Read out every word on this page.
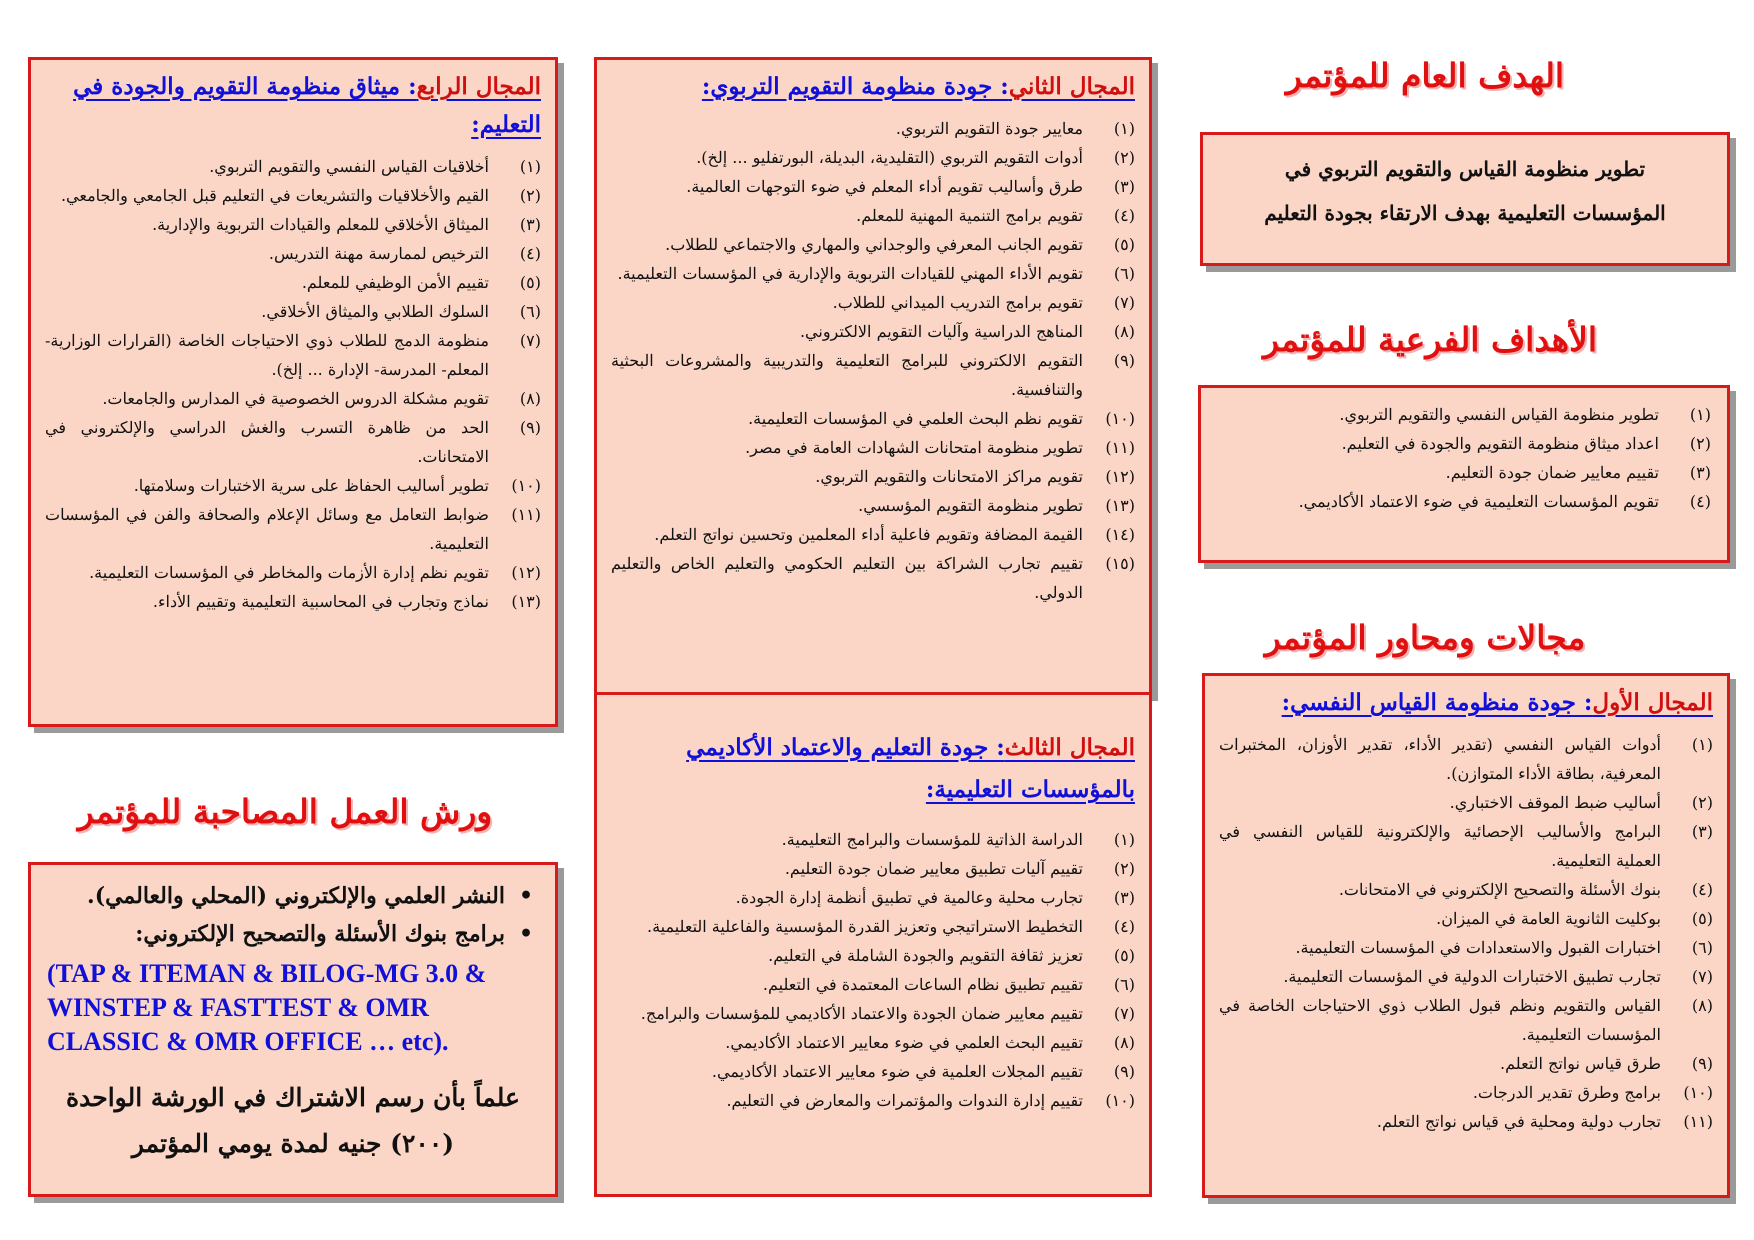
الهدف العام للمؤتمر
تطوير منظومة القياس والتقويم التربوي في
المؤسسات التعليمية بهدف الارتقاء بجودة التعليم
الأهداف الفرعية للمؤتمر
(١)
تطوير منظومة القياس النفسي والتقويم التربوي.
(٢)
اعداد ميثاق منظومة التقويم والجودة في التعليم.
(٣)
تقييم معايير ضمان جودة التعليم.
(٤)
تقويم المؤسسات التعليمية في ضوء الاعتماد الأكاديمي.
مجالات ومحاور المؤتمر
المجال الأول: جودة منظومة القياس النفسي:
(١)
أدوات القياس النفسي (تقدير الأداء، تقدير الأوزان، المختبرات المعرفية، بطاقة الأداء المتوازن).
(٢)
أساليب ضبط الموقف الاختباري.
(٣)
البرامج والأساليب الإحصائية والإلكترونية للقياس النفسي في العملية التعليمية.
(٤)
بنوك الأسئلة والتصحيح الإلكتروني في الامتحانات.
(٥)
بوكليت الثانوية العامة في الميزان.
(٦)
اختبارات القبول والاستعدادات في المؤسسات التعليمية.
(٧)
تجارب تطبيق الاختبارات الدولية في المؤسسات التعليمية.
(٨)
القياس والتقويم ونظم قبول الطلاب ذوي الاحتياجات الخاصة في المؤسسات التعليمية.
(٩)
طرق قياس نواتج التعلم.
(١٠)
برامج وطرق تقدير الدرجات.
(١١)
تجارب دولية ومحلية في قياس نواتج التعلم.
المجال الثاني: جودة منظومة التقويم التربوي:
(١)
معايير جودة التقويم التربوي.
(٢)
أدوات التقويم التربوي (التقليدية، البديلة، البورتفليو ... إلخ).
(٣)
طرق وأساليب تقويم أداء المعلم في ضوء التوجهات العالمية.
(٤)
تقويم برامج التنمية المهنية للمعلم.
(٥)
تقويم الجانب المعرفي والوجداني والمهاري والاجتماعي للطلاب.
(٦)
تقويم الأداء المهني للقيادات التربوية والإدارية في المؤسسات التعليمية.
(٧)
تقويم برامج التدريب الميداني للطلاب.
(٨)
المناهج الدراسية وآليات التقويم الالكتروني.
(٩)
التقويم الالكتروني للبرامج التعليمية والتدريبية والمشروعات البحثية والتنافسية.
(١٠)
تقويم نظم البحث العلمي في المؤسسات التعليمية.
(١١)
تطوير منظومة امتحانات الشهادات العامة في مصر.
(١٢)
تقويم مراكز الامتحانات والتقويم التربوي.
(١٣)
تطوير منظومة التقويم المؤسسي.
(١٤)
القيمة المضافة وتقويم فاعلية أداء المعلمين وتحسين نواتج التعلم.
(١٥)
تقييم تجارب الشراكة بين التعليم الحكومي والتعليم الخاص والتعليم الدولي.
المجال الثالث: جودة التعليم والاعتماد الأكاديمي بالمؤسسات التعليمية:
(١)
الدراسة الذاتية للمؤسسات والبرامج التعليمية.
(٢)
تقييم آليات تطبيق معايير ضمان جودة التعليم.
(٣)
تجارب محلية وعالمية في تطبيق أنظمة إدارة الجودة.
(٤)
التخطيط الاستراتيجي وتعزيز القدرة المؤسسية والفاعلية التعليمية.
(٥)
تعزيز ثقافة التقويم والجودة الشاملة في التعليم.
(٦)
تقييم تطبيق نظام الساعات المعتمدة في التعليم.
(٧)
تقييم معايير ضمان الجودة والاعتماد الأكاديمي للمؤسسات والبرامج.
(٨)
تقييم البحث العلمي في ضوء معايير الاعتماد الأكاديمي.
(٩)
تقييم المجلات العلمية في ضوء معايير الاعتماد الأكاديمي.
(١٠)
تقييم إدارة الندوات والمؤتمرات والمعارض في التعليم.
المجال الرابع: ميثاق منظومة التقويم والجودة في التعليم:
(١)
أخلاقيات القياس النفسي والتقويم التربوي.
(٢)
القيم والأخلاقيات والتشريعات في التعليم قبل الجامعي والجامعي.
(٣)
الميثاق الأخلاقي للمعلم والقيادات التربوية والإدارية.
(٤)
الترخيص لممارسة مهنة التدريس.
(٥)
تقييم الأمن الوظيفي للمعلم.
(٦)
السلوك الطلابي والميثاق الأخلاقي.
(٧)
منظومة الدمج للطلاب ذوي الاحتياجات الخاصة (القرارات الوزارية- المعلم- المدرسة- الإدارة ... إلخ).
(٨)
تقويم مشكلة الدروس الخصوصية في المدارس والجامعات.
(٩)
الحد من ظاهرة التسرب والغش الدراسي والإلكتروني في الامتحانات.
(١٠)
تطوير أساليب الحفاظ على سرية الاختبارات وسلامتها.
(١١)
ضوابط التعامل مع وسائل الإعلام والصحافة والفن في المؤسسات التعليمية.
(١٢)
تقويم نظم إدارة الأزمات والمخاطر في المؤسسات التعليمية.
(١٣)
نماذج وتجارب في المحاسبية التعليمية وتقييم الأداء.
ورش العمل المصاحبة للمؤتمر
• النشر العلمي والإلكتروني (المحلي والعالمي).
• برامج بنوك الأسئلة والتصحيح الإلكتروني:
(TAP & ITEMAN & BILOG-MG 3.0 & WINSTEP & FASTTEST & OMR CLASSIC & OMR OFFICE … etc).
علماً بأن رسم الاشتراك في الورشة الواحدة
(٢٠٠) جنيه لمدة يومي المؤتمر
